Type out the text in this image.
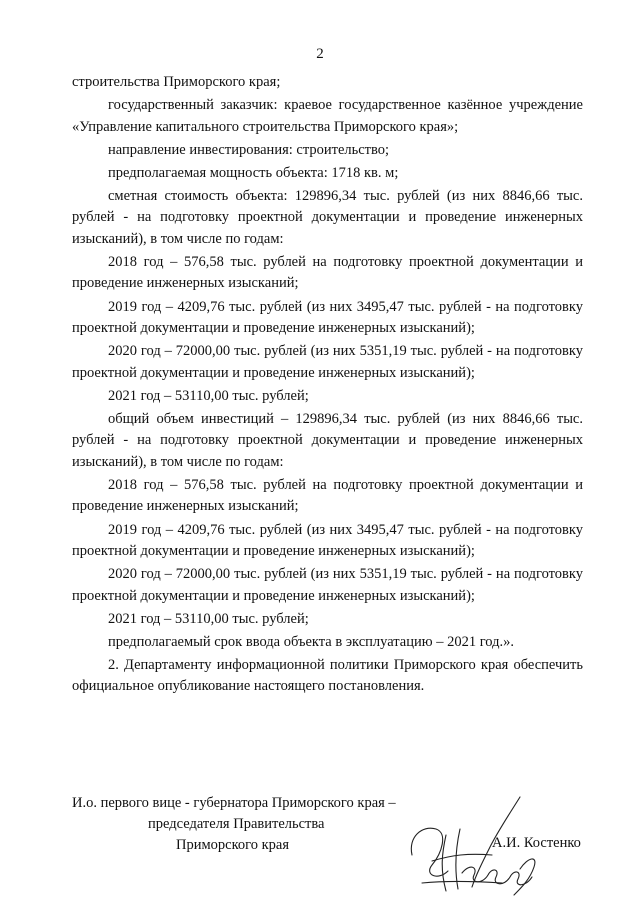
2

строительства Приморского края;

государственный заказчик: краевое государственное казённое учреждение «Управление капитального строительства Приморского края»;

направление инвестирования: строительство;

предполагаемая мощность объекта: 1718 кв. м;

сметная стоимость объекта: 129896,34 тыс. рублей (из них 8846,66 тыс. рублей - на подготовку проектной документации и проведение инженерных изысканий), в том числе по годам:

2018 год – 576,58 тыс. рублей на подготовку проектной документации и проведение инженерных изысканий;

2019 год – 4209,76 тыс. рублей (из них 3495,47 тыс. рублей - на подготовку проектной документации и проведение инженерных изысканий);

2020 год – 72000,00 тыс. рублей (из них 5351,19 тыс. рублей - на подготовку проектной документации и проведение инженерных изысканий);

2021 год – 53110,00 тыс. рублей;

общий объем инвестиций – 129896,34 тыс. рублей (из них 8846,66 тыс. рублей - на подготовку проектной документации и проведение инженерных изысканий), в том числе по годам:

2018 год – 576,58 тыс. рублей на подготовку проектной документации и проведение инженерных изысканий;

2019 год – 4209,76 тыс. рублей (из них 3495,47 тыс. рублей - на подготовку проектной документации и проведение инженерных изысканий);

2020 год – 72000,00 тыс. рублей (из них 5351,19 тыс. рублей - на подготовку проектной документации и проведение инженерных изысканий);

2021 год – 53110,00 тыс. рублей;

предполагаемый срок ввода объекта в эксплуатацию – 2021 год.».

2. Департаменту информационной политики Приморского края обеспечить официальное опубликование настоящего постановления.

И.о. первого вице - губернатора Приморского края –
председателя Правительства
Приморского края	А.И. Костенко
